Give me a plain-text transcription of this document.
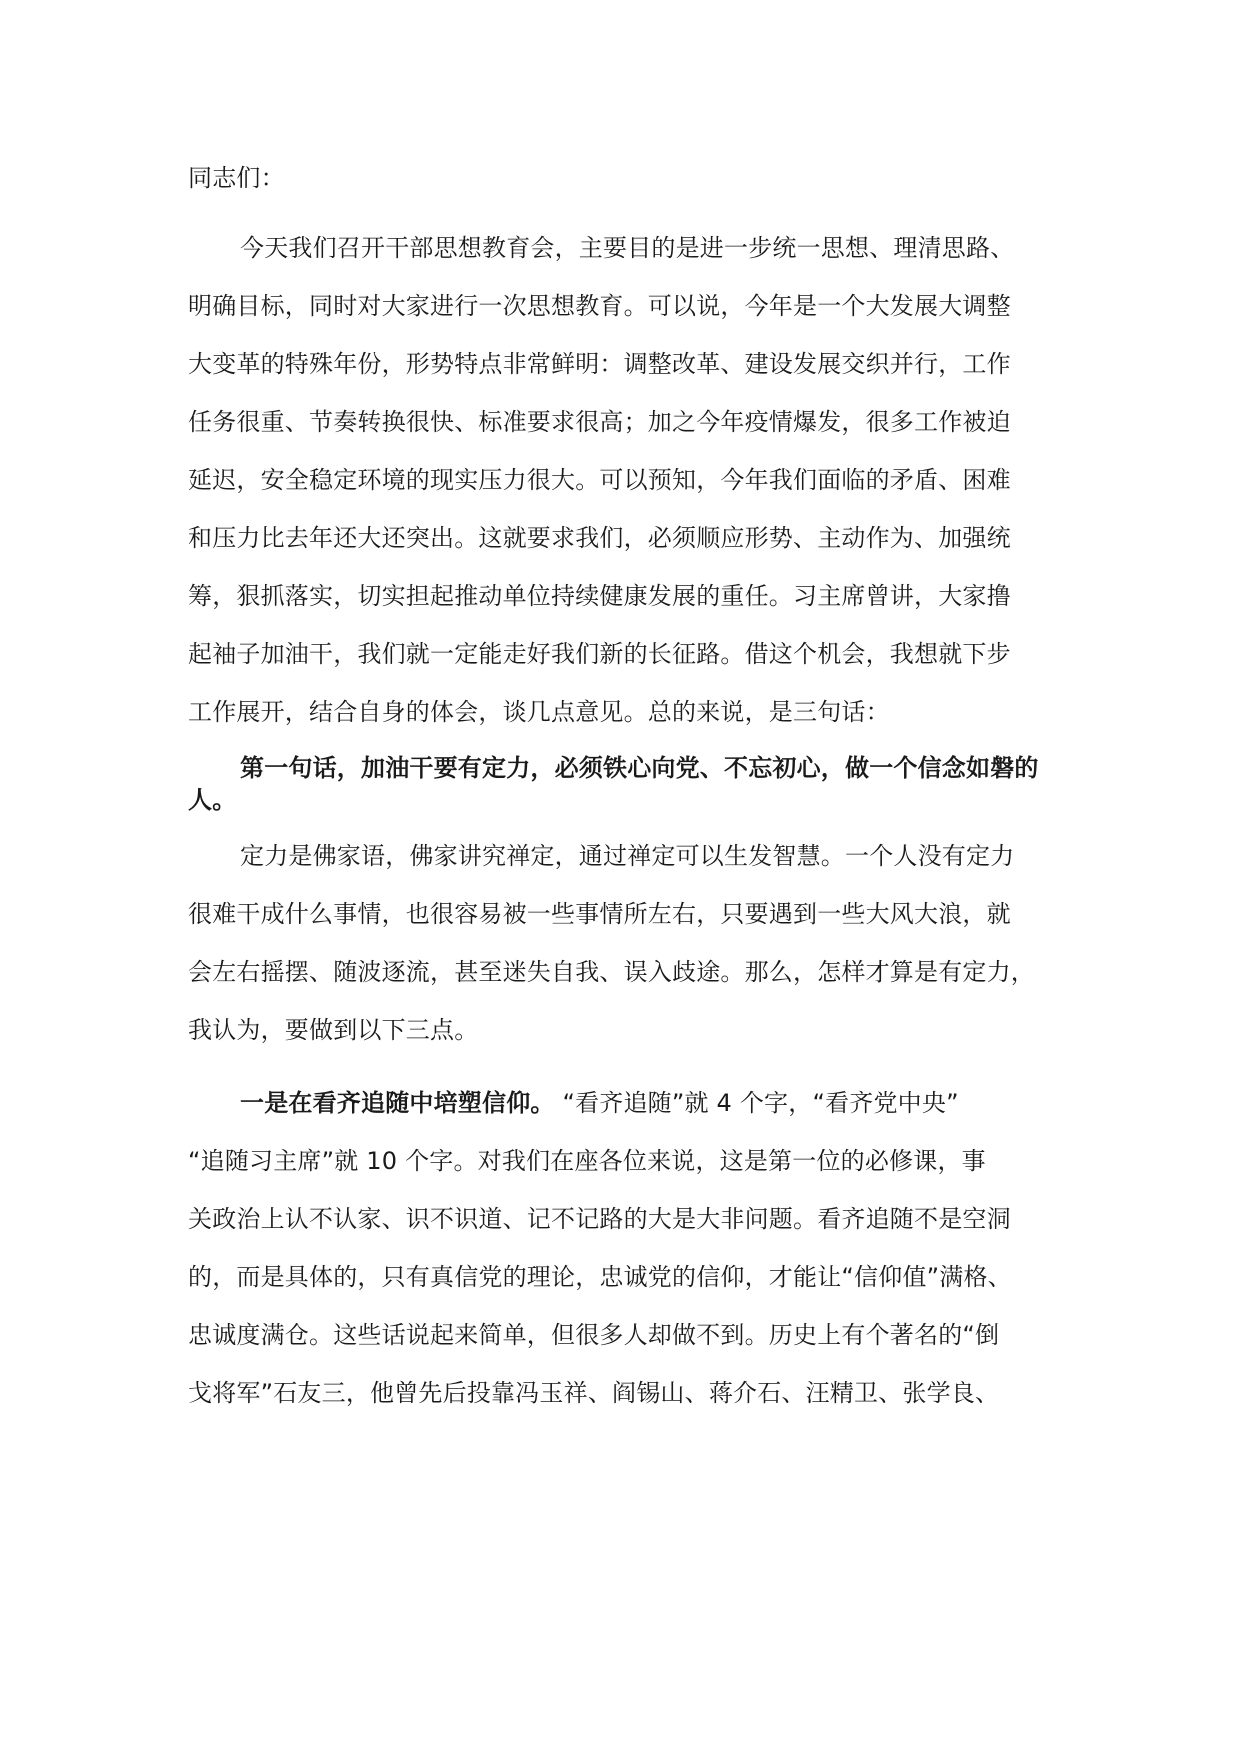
同志们：
今天我们召开干部思想教育会，主要目的是进一步统一思想、理清思路、
明确目标，同时对大家进行一次思想教育。可以说，今年是一个大发展大调整
大变革的特殊年份，形势特点非常鲜明：调整改革、建设发展交织并行，工作
任务很重、节奏转换很快、标准要求很高；加之今年疫情爆发，很多工作被迫
延迟，安全稳定环境的现实压力很大。可以预知，今年我们面临的矛盾、困难
和压力比去年还大还突出。这就要求我们，必须顺应形势、主动作为、加强统
筹，狠抓落实，切实担起推动单位持续健康发展的重任。习主席曾讲，大家撸
起袖子加油干，我们就一定能走好我们新的长征路。借这个机会，我想就下步
工作展开，结合自身的体会，谈几点意见。总的来说，是三句话：
第一句话，加油干要有定力，必须铁心向党、不忘初心，做一个信念如磐的人。
定力是佛家语，佛家讲究禅定，通过禅定可以生发智慧。一个人没有定力
很难干成什么事情，也很容易被一些事情所左右，只要遇到一些大风大浪，就
会左右摇摆、随波逐流，甚至迷失自我、误入歧途。那么，怎样才算是有定力，
我认为，要做到以下三点。
一是在看齐追随中培塑信仰。 “看齐追随”就 4 个字，“看齐党中央”
“追随习主席”就 10 个字。对我们在座各位来说，这是第一位的必修课，事
关政治上认不认家、识不识道、记不记路的大是大非问题。看齐追随不是空洞
的，而是具体的，只有真信党的理论，忠诚党的信仰，才能让“信仰值”满格、
忠诚度满仓。这些话说起来简单，但很多人却做不到。历史上有个著名的“倒
戈将军”石友三，他曾先后投靠冯玉祥、阎锡山、蒋介石、汪精卫、张学良、
